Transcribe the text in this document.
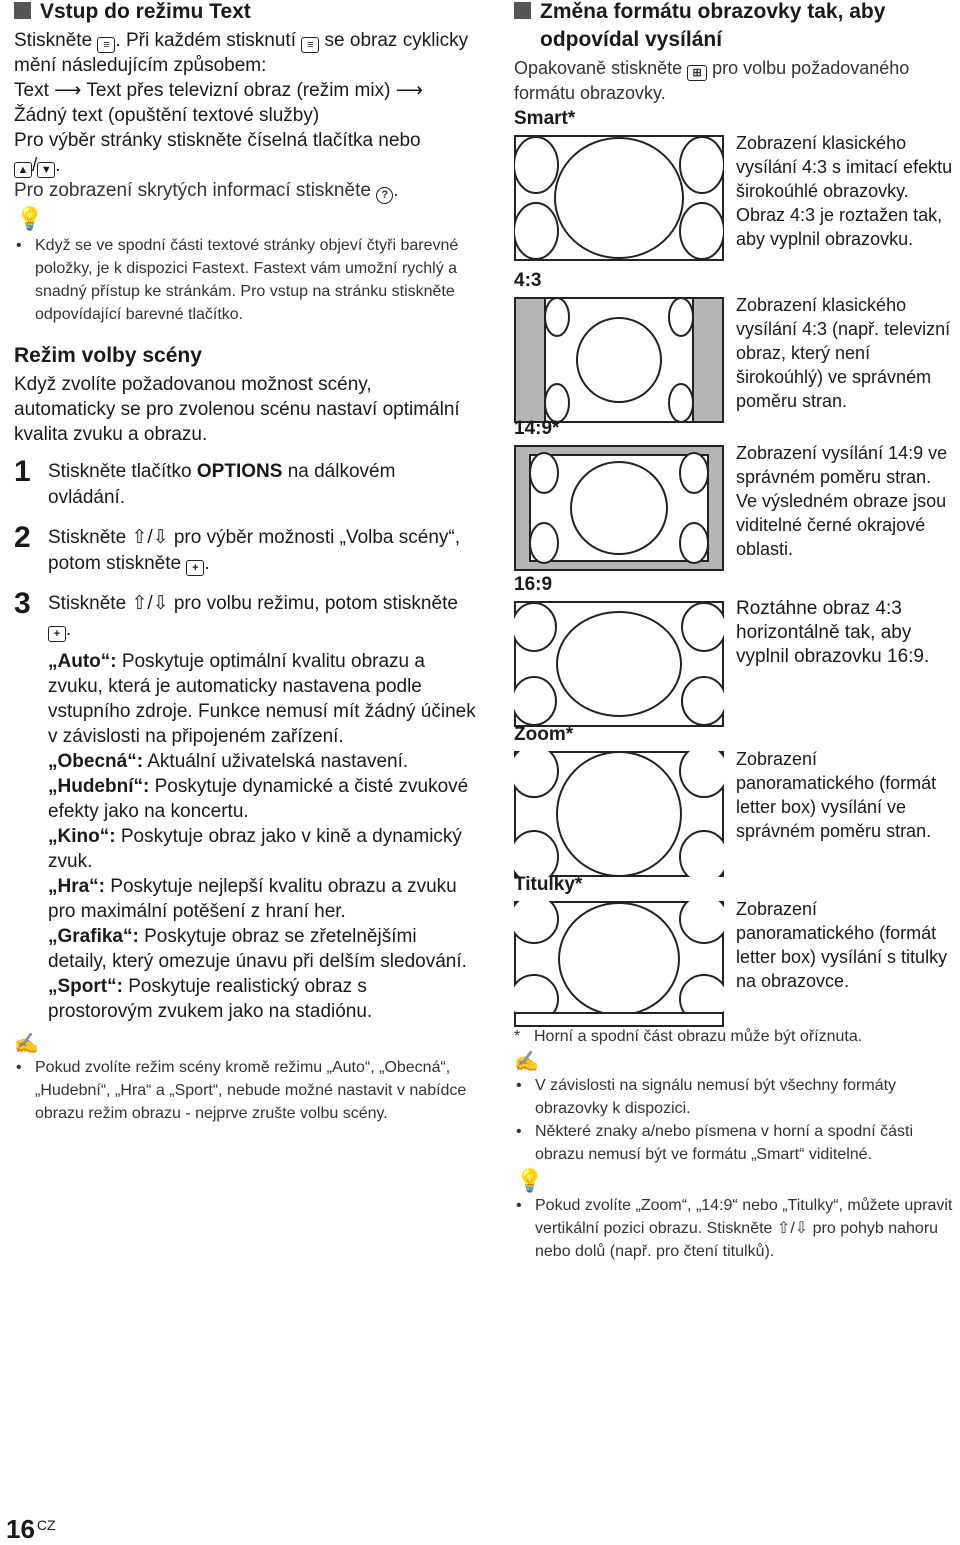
Vstup do režimu Text

Stiskněte ≡ . Při každém stisknutí ≡ se obraz cyklicky mění následujícím způsobem:
Text ⟶ Text přes televizní obraz (režim mix) ⟶
Žádný text (opuštění textové služby)
Pro výběr stránky stiskněte číselná tlačítka nebo
▲ / ▼ .

Pro zobrazení skrytých informací stiskněte ? .

💡
• Když se ve spodní části textové stránky objeví čtyři barevné položky, je k dispozici Fastext. Fastext vám umožní rychlý a snadný přístup ke stránkám. Pro vstup na stránku stiskněte odpovídající barevné tlačítko.
Režim volby scény

Když zvolíte požadovanou možnost scény, automaticky se pro zvolenou scénu nastaví optimální kvalita zvuku a obrazu.

1 Stiskněte tlačítko OPTIONS na dálkovém ovládání.
2 Stiskněte ⇧/⇩ pro výběr možnosti „Volba scény“, potom stiskněte + .
3 Stiskněte ⇧/⇩ pro volbu režimu, potom stiskněte + .

„Auto“: Poskytuje optimální kvalitu obrazu a zvuku, která je automaticky nastavena podle vstupního zdroje. Funkce nemusí mít žádný účinek v závislosti na připojeném zařízení.

„Obecná“: Aktuální uživatelská nastavení.

„Hudební“: Poskytuje dynamické a čisté zvukové efekty jako na koncertu.

„Kino“: Poskytuje obraz jako v kině a dynamický zvuk.

„Hra“: Poskytuje nejlepší kvalitu obrazu a zvuku pro maximální potěšení z hraní her.

„Grafika“: Poskytuje obraz se zřetelnějšími detaily, který omezuje únavu při delším sledování.

„Sport“: Poskytuje realistický obraz s prostorovým zvukem jako na stadiónu.

✍
• Pokud zvolíte režim scény kromě režimu „Auto“, „Obecná“, „Hudební“, „Hra“ a „Sport“, nebude možné nastavit v nabídce obrazu režim obrazu - nejprve zrušte volbu scény.
Změna formátu obrazovky tak, aby odpovídal vysílání

Opakovaně stiskněte ⊞ pro volbu požadovaného formátu obrazovky.

Smart*

Zobrazení klasického vysílání 4:3 s imitací efektu širokoúhlé obrazovky. Obraz 4:3 je roztažen tak, aby vyplnil obrazovku.

4:3

Zobrazení klasického vysílání 4:3 (např. televizní obraz, který není širokoúhlý) ve správném poměru stran.

14:9*

Zobrazení vysílání 14:9 ve správném poměru stran. Ve výsledném obraze jsou viditelné černé okrajové oblasti.

16:9

Roztáhne obraz 4:3 horizontálně tak, aby vyplnil obrazovku 16:9.

Zoom*

Zobrazení panoramatického (formát letter box) vysílání ve správném poměru stran.

Titulky*

Zobrazení panoramatického (formát letter box) vysílání s titulky na obrazovce.

* Horní a spodní část obrazu může být oříznuta.

✍
• V závislosti na signálu nemusí být všechny formáty obrazovky k dispozici.
• Některé znaky a/nebo písmena v horní a spodní části obrazu nemusí být ve formátu „Smart“ viditelné.
💡
• Pokud zvolíte „Zoom“, „14:9“ nebo „Titulky“, můžete upravit vertikální pozici obrazu. Stiskněte ⇧/⇩ pro pohyb nahoru nebo dolů (např. pro čtení titulků).
16 $^{CZ}$
